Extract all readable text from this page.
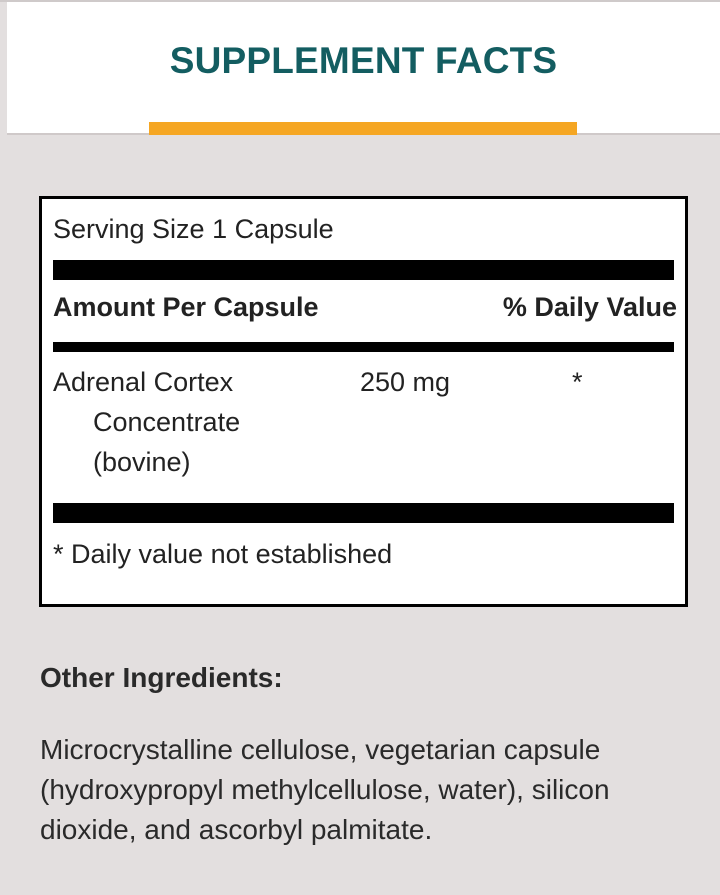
SUPPLEMENT FACTS
Serving Size 1 Capsule
Amount Per Capsule	% Daily Value
Adrenal Cortex
Concentrate
(bovine)
250 mg	*
* Daily value not established
Other Ingredients:
Microcrystalline cellulose, vegetarian capsule (hydroxypropyl methylcellulose, water), silicon dioxide, and ascorbyl palmitate.
